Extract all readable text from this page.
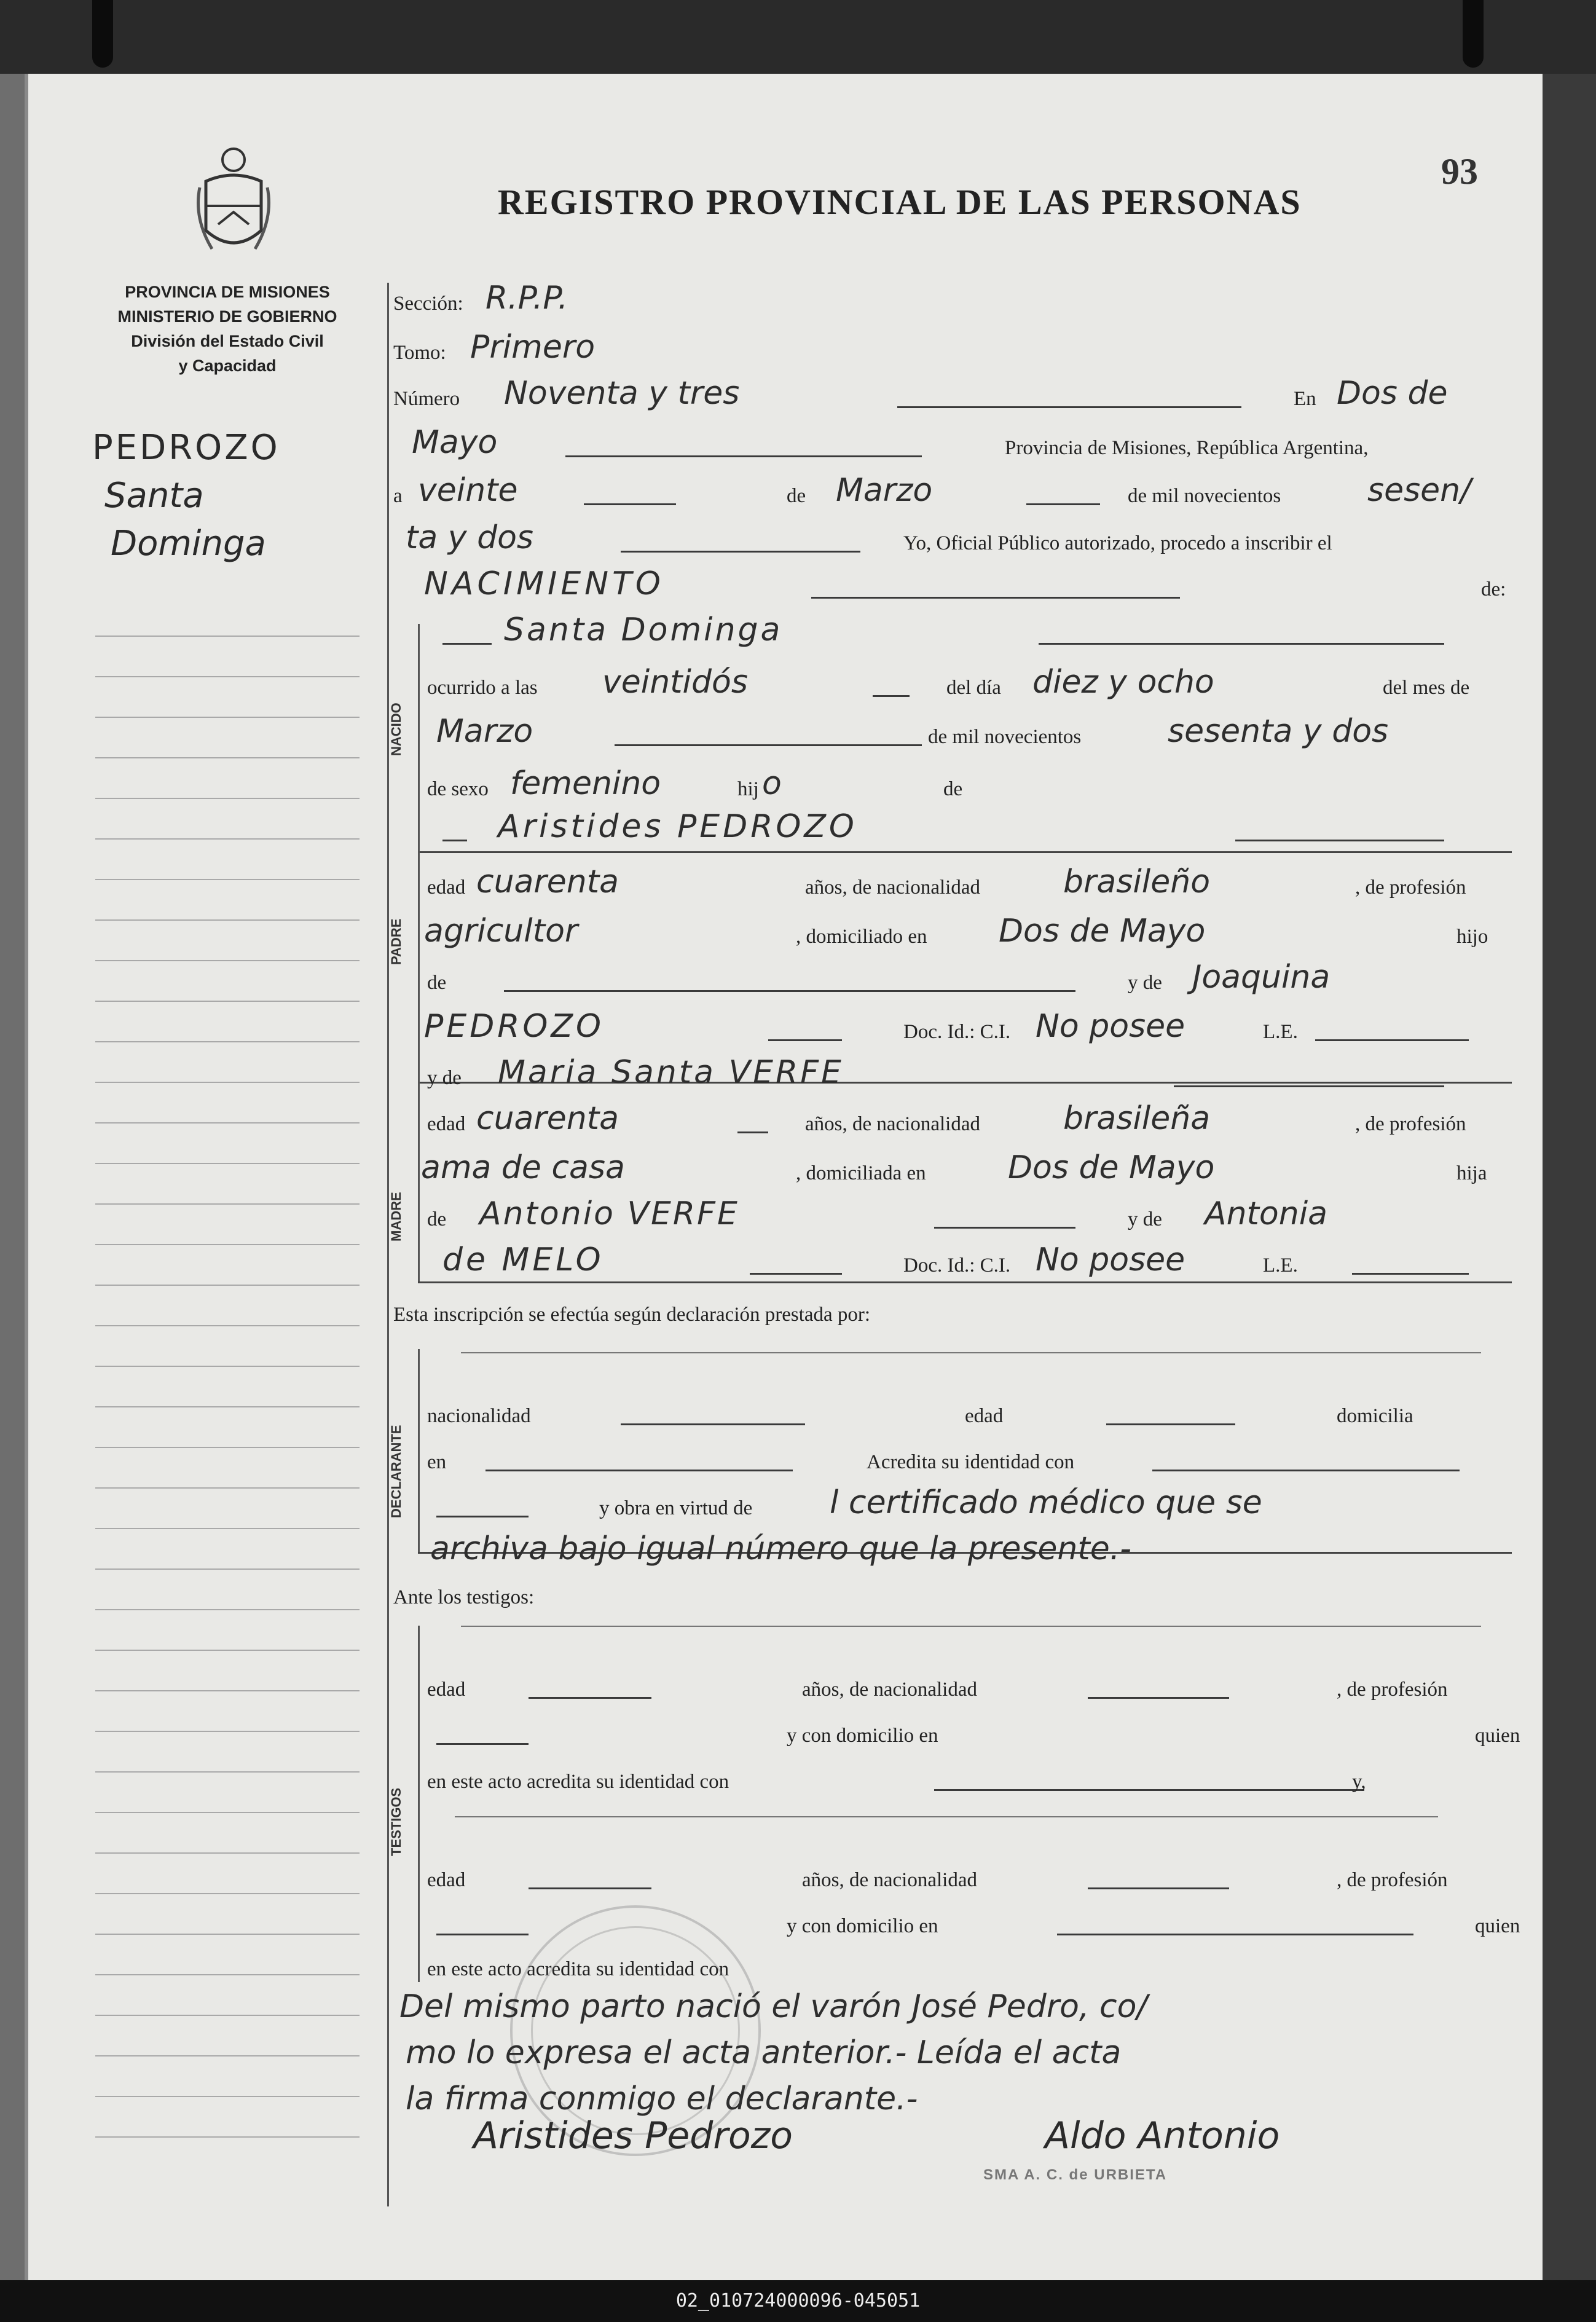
REGISTRO PROVINCIAL DE LAS PERSONAS
93
PROVINCIA DE MISIONES
MINISTERIO DE GOBIERNO
División del Estado Civil
y Capacidad
PEDROZO
Santa
Dominga
NACIDO
PADRE
MADRE
DECLARANTE
TESTIGOS
Sección: R.P.P.
Tomo: Primero
Número Noventa y tres	En Dos de
Mayo	Provincia de Misiones, República Argentina,
a veinte	de Marzo	de mil novecientos	sesen/
ta y dos	Yo, Oficial Público autorizado, procedo a inscribir el
NACIMIENTO	de:
Santa Dominga
ocurrido a las veintidós	del día diez y ocho	del mes de
Marzo	de mil novecientos	sesenta y dos
de sexo femenino	hij o	de
Aristides PEDROZO
edad cuarenta	años, de nacionalidad	brasileño	, de profesión
agricultor	, domiciliado en Dos de Mayo	hijo
de	y de Joaquina
PEDROZO	Doc. Id.: C.I. No posee	L.E.
y de Maria Santa VERFE
edad cuarenta	años, de nacionalidad	brasileña	, de profesión
ama de casa	, domiciliada en	Dos de Mayo	hija
de Antonio VERFE	y de Antonia
de MELO	Doc. Id.: C.I. No posee	L.E.
Esta inscripción se efectúa según declaración prestada por:
nacionalidad	edad	domicilia
en	Acredita su identidad con
y obra en virtud de l certificado médico que se
archiva bajo igual número que la presente.-
Ante los testigos:
edad	años, de nacionalidad	, de profesión
y con domicilio en	quien
en este acto acredita su identidad con	y,
edad	años, de nacionalidad	, de profesión
y con domicilio en	quien
en este acto acredita su identidad con
Del mismo parto nació el varón José Pedro, co/
mo lo expresa el acta anterior.- Leída el acta
la firma conmigo el declarante.-
Aristides Pedrozo	Aldo Antonio
SMA A. C. de URBIETA
02_010724000096-045051
